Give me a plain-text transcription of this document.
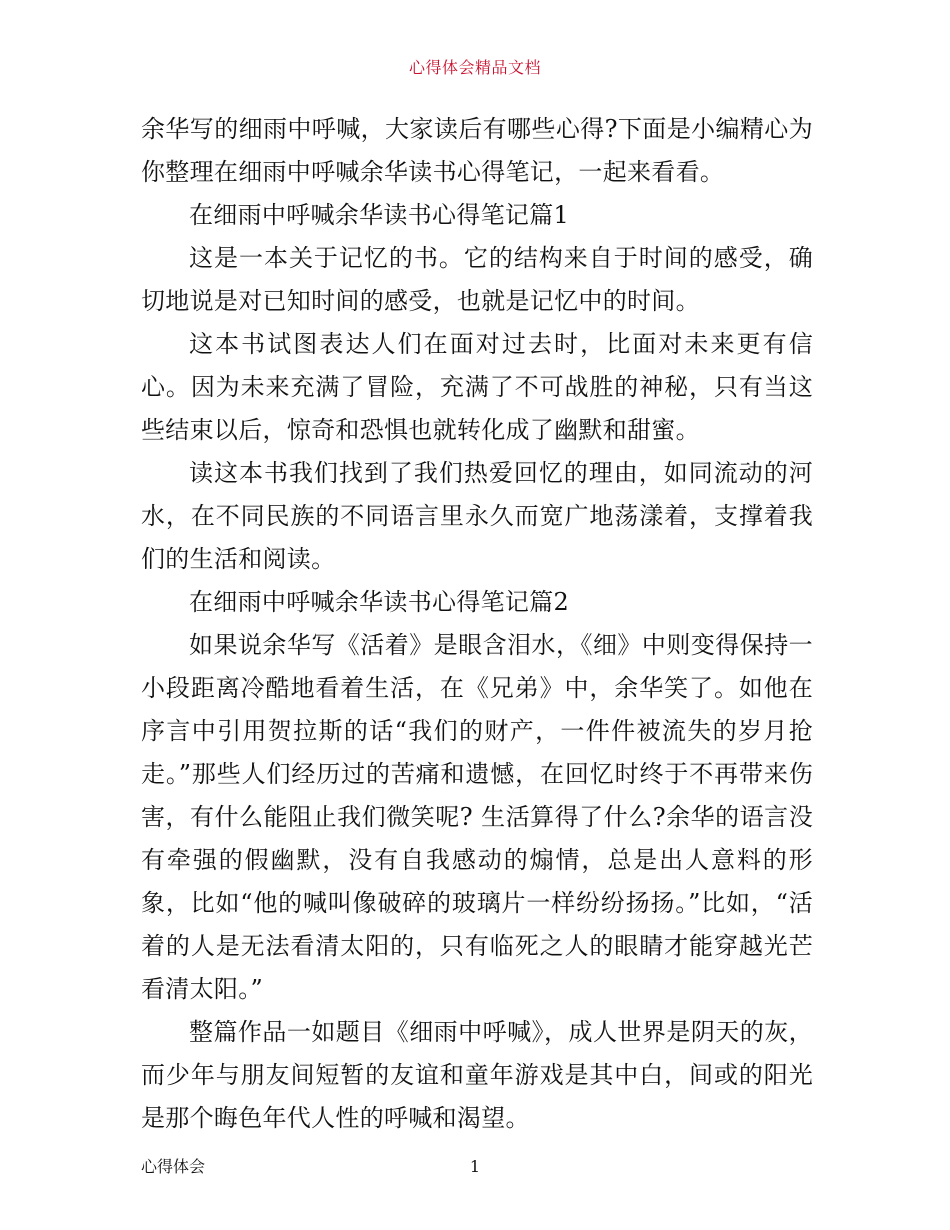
心得体会精品文档

余华写的细雨中呼喊，大家读后有哪些心得?下面是小编精心为你整理在细雨中呼喊余华读书心得笔记，一起来看看。

在细雨中呼喊余华读书心得笔记篇1

这是一本关于记忆的书。它的结构来自于时间的感受，确切地说是对已知时间的感受，也就是记忆中的时间。

这本书试图表达人们在面对过去时，比面对未来更有信心。因为未来充满了冒险，充满了不可战胜的神秘，只有当这些结束以后，惊奇和恐惧也就转化成了幽默和甜蜜。

读这本书我们找到了我们热爱回忆的理由，如同流动的河水，在不同民族的不同语言里永久而宽广地荡漾着，支撑着我们的生活和阅读。

在细雨中呼喊余华读书心得笔记篇2

如果说余华写《活着》是眼含泪水，《细》中则变得保持一小段距离冷酷地看着生活，在《兄弟》中，余华笑了。如他在序言中引用贺拉斯的话“我们的财产，一件件被流失的岁月抢走。”那些人们经历过的苦痛和遗憾，在回忆时终于不再带来伤害，有什么能阻止我们微笑呢? 生活算得了什么?余华的语言没有牵强的假幽默，没有自我感动的煽情，总是出人意料的形象，比如“他的喊叫像破碎的玻璃片一样纷纷扬扬。”比如，“活着的人是无法看清太阳的，只有临死之人的眼睛才能穿越光芒看清太阳。”

整篇作品一如题目《细雨中呼喊》，成人世界是阴天的灰，而少年与朋友间短暂的友谊和童年游戏是其中白，间或的阳光是那个晦色年代人性的呼喊和渴望。

心得体会	1
